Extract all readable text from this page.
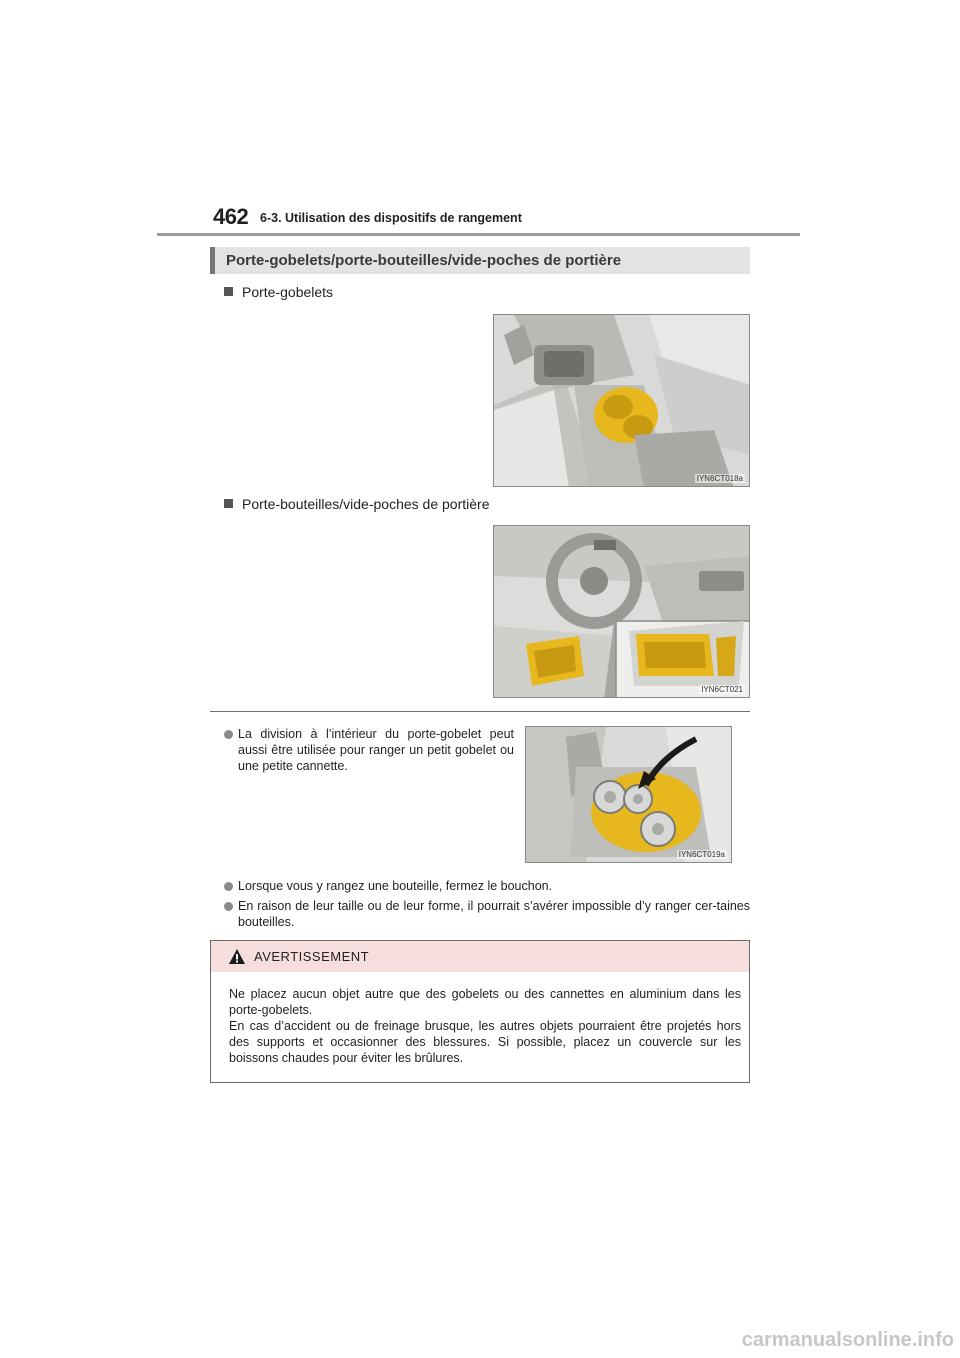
462 6-3. Utilisation des dispositifs de rangement
Porte-gobelets/porte-bouteilles/vide-poches de portière
Porte-gobelets
IYN6CT018a
Porte-bouteilles/vide-poches de portière
IYN6CT021
La division à l’intérieur du porte-gobelet peut aussi être utilisée pour ranger un petit gobelet ou une petite cannette.
IYN6CT019a
Lorsque vous y rangez une bouteille, fermez le bouchon.
En raison de leur taille ou de leur forme, il pourrait s’avérer impossible d’y ranger cer-taines bouteilles.
AVERTISSEMENT

Ne placez aucun objet autre que des gobelets ou des cannettes en aluminium dans les porte-gobelets.

En cas d’accident ou de freinage brusque, les autres objets pourraient être projetés hors des supports et occasionner des blessures. Si possible, placez un couvercle sur les boissons chaudes pour éviter les brûlures.

carmanualsonline.info
